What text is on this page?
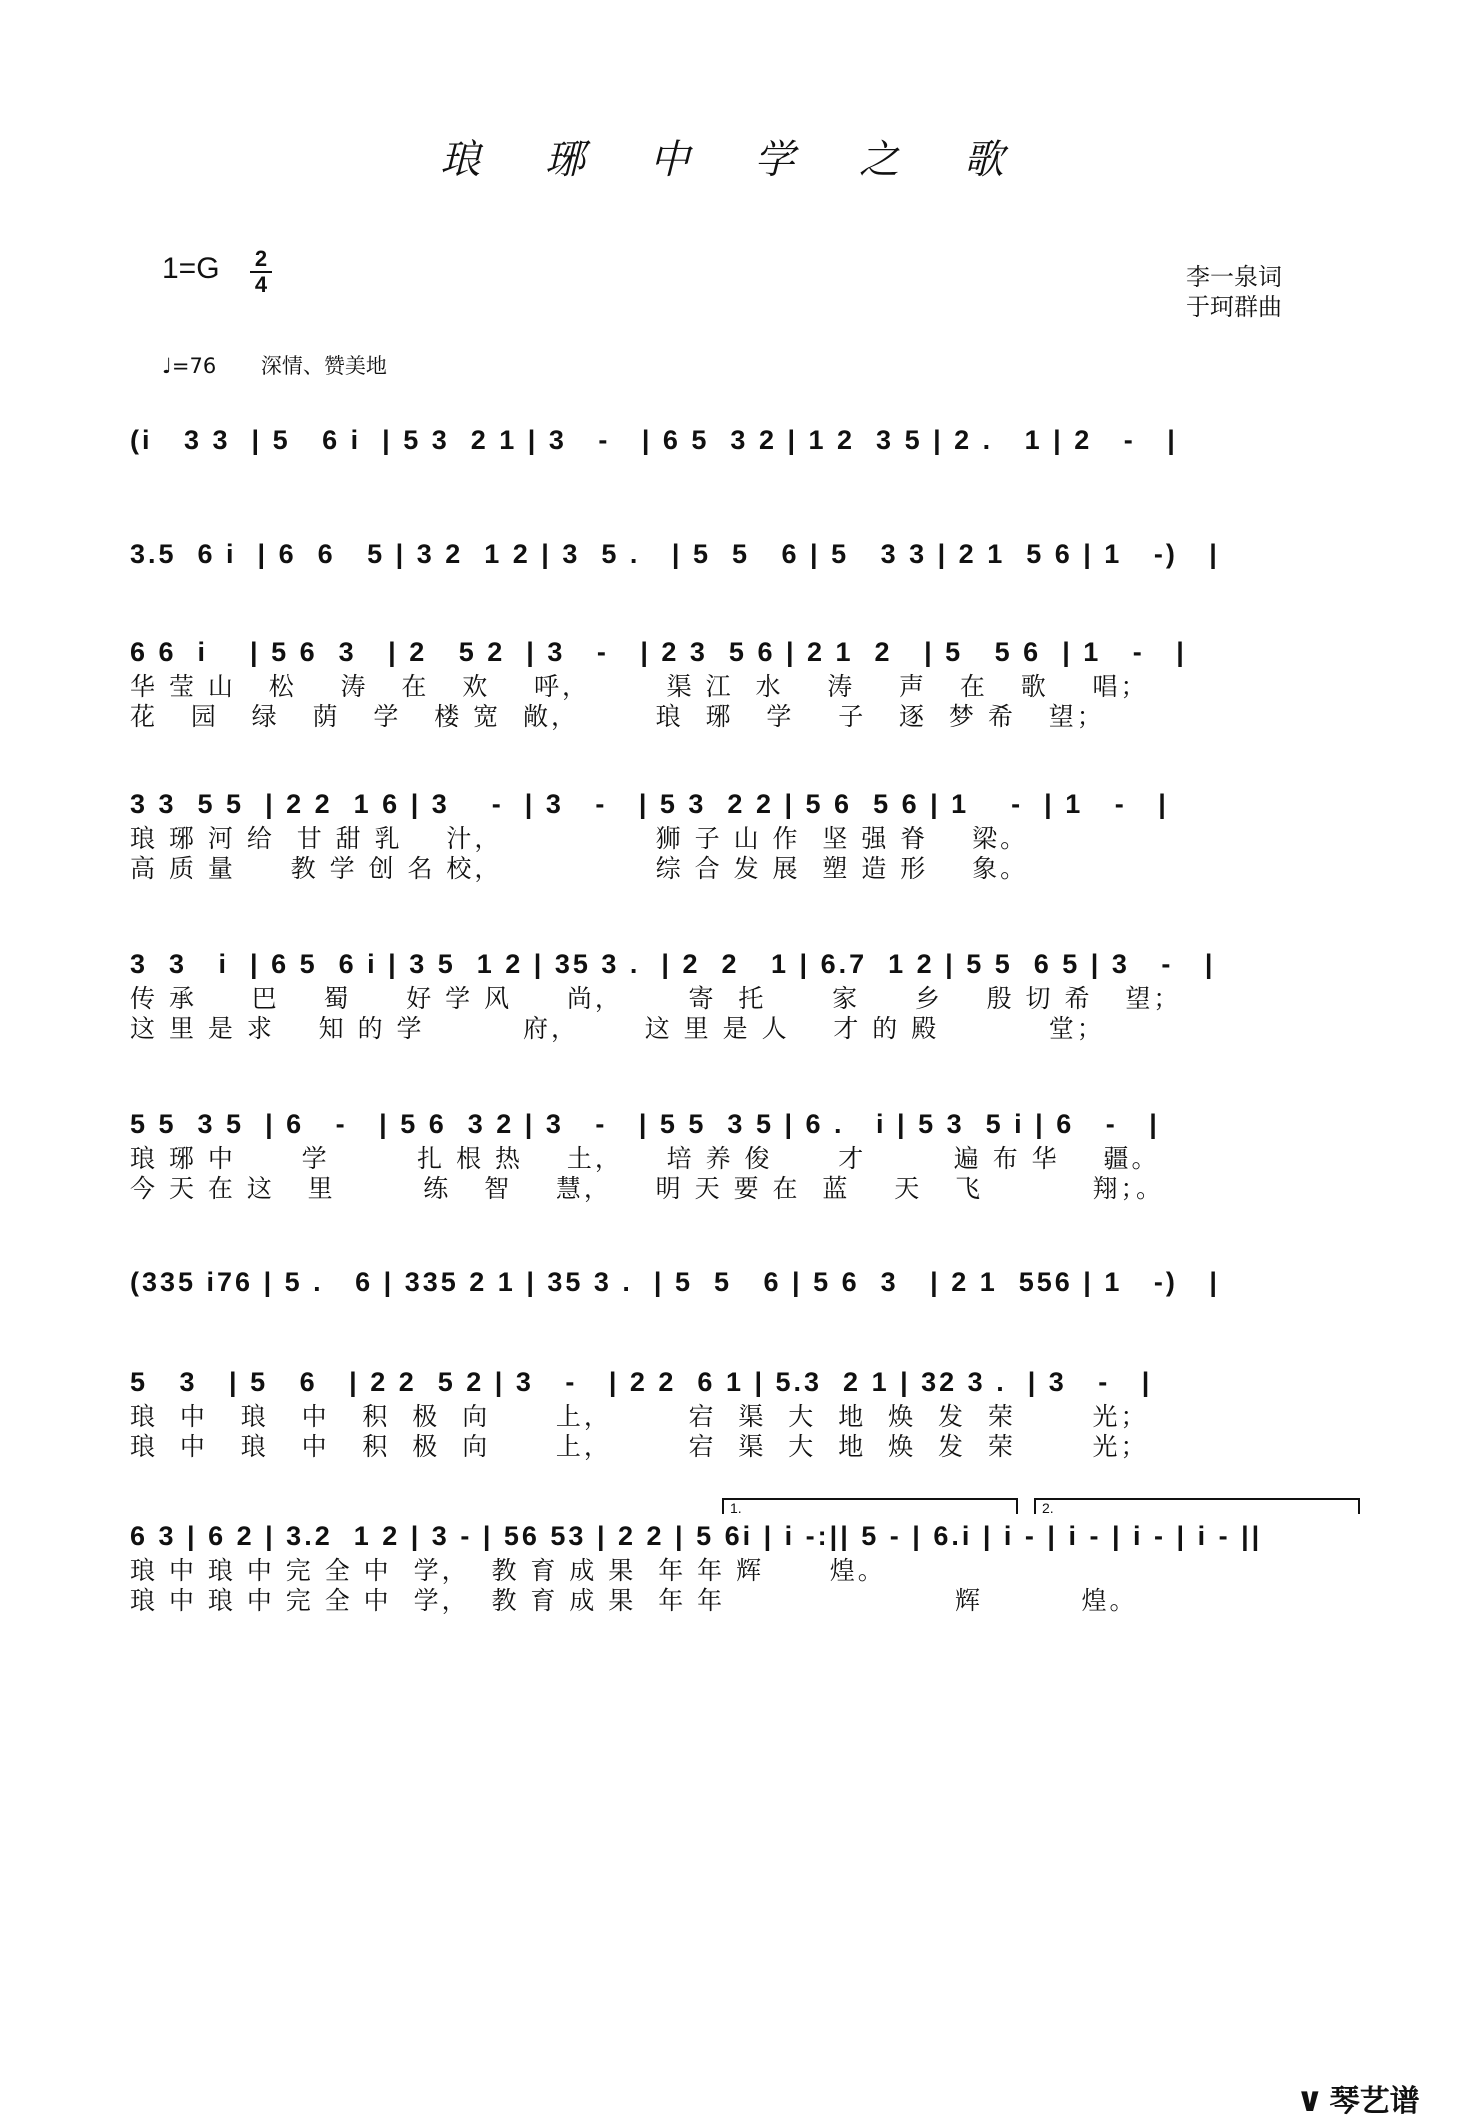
琅 琊 中 学 之 歌
1=G 2
4	李一泉词
于珂群曲
♩=76 深情、赞美地
(i   3 3  | 5   6 i  | 5 3  2 1 | 3   -   | 6 5  3 2 | 1 2  3 5 | 2 .   1 | 2   -   |
3.5  6 i  | 6  6   5 | 3 2  1 2 | 3  5 .   | 5  5   6 | 5   3 3 | 2 1  5 6 | 1   -)   |
6 6  i    | 5 6  3   | 2   5 2  | 3   -   | 2 3  5 6 | 2 1  2   | 5   5 6  | 1   -   |
华 莹 山   松    涛   在   欢    呼，       渠 江  水    涛    声   在   歌    唱；
花   园   绿   荫   学   楼 宽  敞，       琅  琊   学    子   逐  梦 希   望；
3 3  5 5  | 2 2  1 6 | 3    -  | 3   -   | 5 3  2 2 | 5 6  5 6 | 1    -  | 1   -   |
琅 琊 河 给  甘 甜 乳    汁，              狮 子 山 作  坚 强 脊    梁。
高 质 量     教 学 创 名 校，              综 合 发 展  塑 造 形    象。
3  3   i  | 6 5  6 i | 3 5  1 2 | 35 3 .  | 2  2   1 | 6.7  1 2 | 5 5  6 5 | 3   -   |
传 承     巴    蜀     好 学 风     尚，      寄  托      家     乡    殷 切 希   望；
这 里 是 求    知 的 学         府，      这 里 是 人    才 的 殿          堂；
5 5  3 5  | 6   -   | 5 6  3 2 | 3   -   | 5 5  3 5 | 6 .   i | 5 3  5 i | 6   -   |
琅 琊 中      学        扎 根 热    土，    培 养 俊      才        遍 布 华    疆。
今 天 在 这   里        练   智    慧，    明 天 要 在  蓝    天   飞          翔；。
(335 i76 | 5 .   6 | 335 2 1 | 35 3 .  | 5  5   6 | 5 6  3   | 2 1  556 | 1   -)   |
5   3   | 5   6   | 2 2  5 2 | 3   -   | 2 2  6 1 | 5.3  2 1 | 32 3 .  | 3   -   |
琅  中   琅   中   积  极  向      上，       宕  渠  大  地  焕  发  荣       光；
琅  中   琅   中   积  极  向      上，       宕  渠  大  地  焕  发  荣       光；
1.	2.
6 3 | 6 2 | 3.2  1 2 | 3 - | 56 53 | 2 2 | 5 6i | i -:|| 5 - | 6.i | i - | i - | i - | i - ||
琅 中 琅 中 完 全 中  学，  教 育 成 果  年 年 辉      煌。
琅 中 琅 中 完 全 中  学，  教 育 成 果  年 年                     辉         煌。
∨ 琴艺谱
